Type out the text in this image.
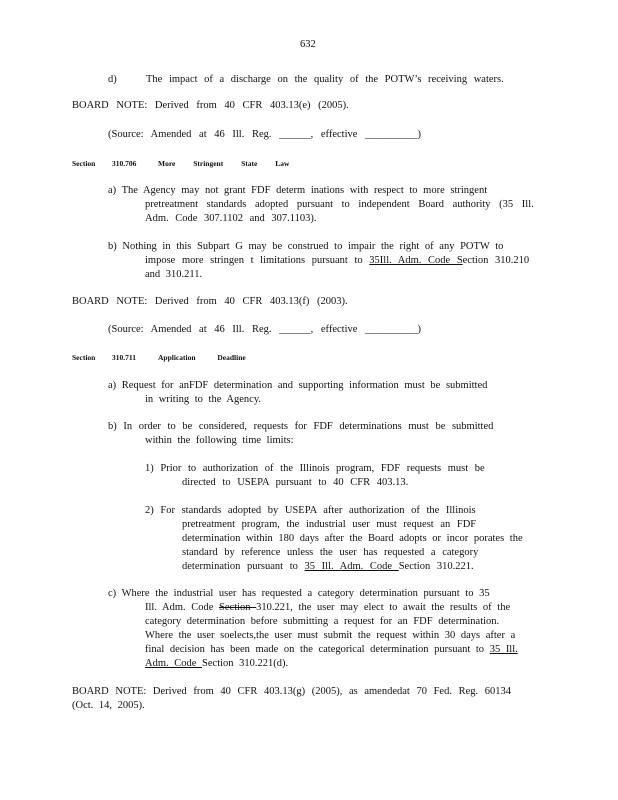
632
d)	The impact of a discharge on the quality of the POTW’s receiving waters.
BOARD NOTE: Derived from 40 CFR 403.13(e) (2005).
(Source: Amended at 46 Ill. Reg. ______, effective __________)
Section 310.706	More Stringent State Law
a) The Agency may not grant FDF determ inations with respect to more stringent
pretreatment standards adopted pursuant to independent Board authority (35 Ill.
Adm. Code 307.1102 and 307.1103).
b) Nothing in this Subpart G may be construed to impair the right of any POTW to
impose more stringen t limitations pursuant to 35Ill. Adm. Code Section 310.210
and 310.211.
BOARD NOTE: Derived from 40 CFR 403.13(f) (2003).
(Source: Amended at 46 Ill. Reg. ______, effective __________)
Section 310.711	Application Deadline
a) Request for anFDF determination and supporting information must be submitted
in writing to the Agency.
b) In order to be considered, requests for FDF determinations must be submitted
within the following time limits:
1) Prior to authorization of the Illinois program, FDF requests must be
directed to USEPA pursuant to 40 CFR 403.13.
2) For standards adopted by USEPA after authorization of the Illinois
pretreatment program, the industrial user must request an FDF
determination within 180 days after the Board adopts or incor porates the
standard by reference unless the user has requested a category
determination pursuant to 35 Ill. Adm. Code Section 310.221.
c) Where the industrial user has requested a category determination pursuant to 35
Ill. Adm. Code Section 310.221, the user may elect to await the results of the
category determination before submitting a request for an FDF determination.
Where the user soelects,the user must submit the request within 30 days after a
final decision has been made on the categorical determination pursuant to 35 Ill.
Adm. Code Section 310.221(d).
BOARD NOTE: Derived from 40 CFR 403.13(g) (2005), as amendedat 70 Fed. Reg. 60134
(Oct. 14, 2005).
